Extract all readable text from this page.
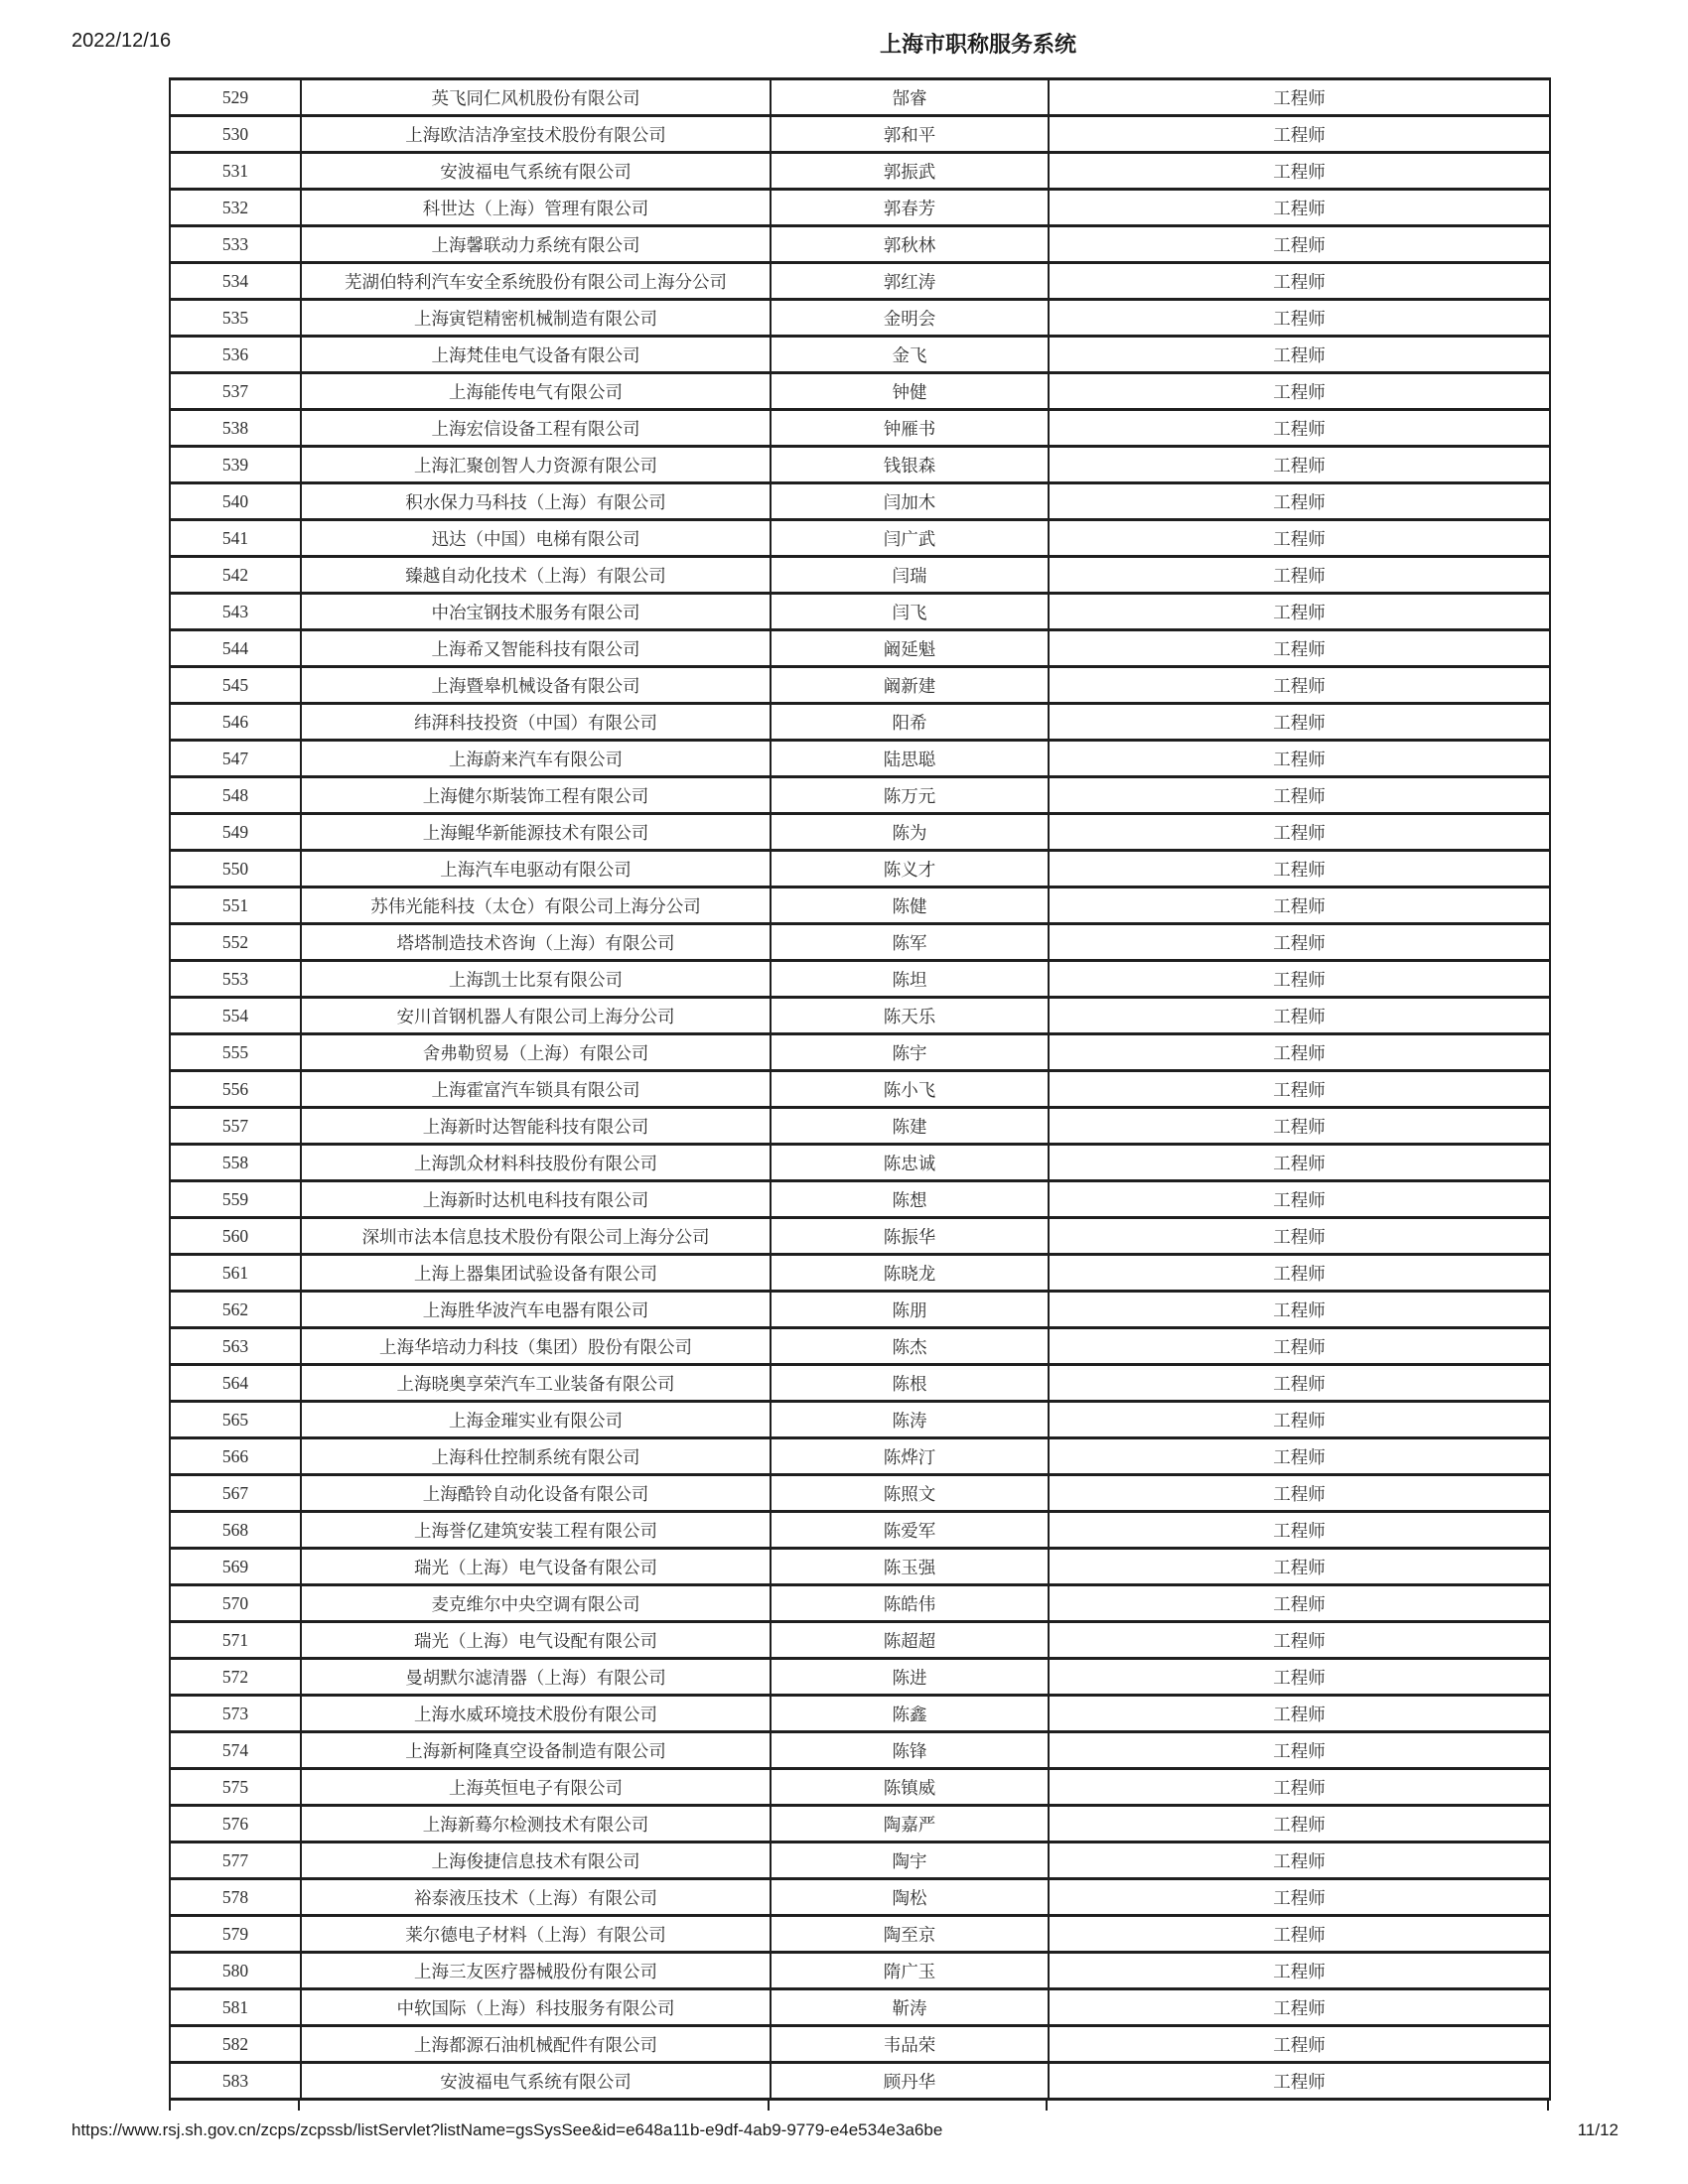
2022/12/16	上海市职称服务系统
529	英飞同仁风机股份有限公司	郜睿	工程师
530	上海欧洁洁净室技术股份有限公司	郭和平	工程师
531	安波福电气系统有限公司	郭振武	工程师
532	科世达（上海）管理有限公司	郭春芳	工程师
533	上海馨联动力系统有限公司	郭秋林	工程师
534	芜湖伯特利汽车安全系统股份有限公司上海分公司	郭红涛	工程师
535	上海寅铠精密机械制造有限公司	金明会	工程师
536	上海梵佳电气设备有限公司	金飞	工程师
537	上海能传电气有限公司	钟健	工程师
538	上海宏信设备工程有限公司	钟雁书	工程师
539	上海汇聚创智人力资源有限公司	钱银森	工程师
540	积水保力马科技（上海）有限公司	闫加木	工程师
541	迅达（中国）电梯有限公司	闫广武	工程师
542	臻越自动化技术（上海）有限公司	闫瑞	工程师
543	中冶宝钢技术服务有限公司	闫飞	工程师
544	上海希又智能科技有限公司	阚延魁	工程师
545	上海暨皋机械设备有限公司	阚新建	工程师
546	纬湃科技投资（中国）有限公司	阳希	工程师
547	上海蔚来汽车有限公司	陆思聪	工程师
548	上海健尔斯装饰工程有限公司	陈万元	工程师
549	上海鲲华新能源技术有限公司	陈为	工程师
550	上海汽车电驱动有限公司	陈义才	工程师
551	苏伟光能科技（太仓）有限公司上海分公司	陈健	工程师
552	塔塔制造技术咨询（上海）有限公司	陈军	工程师
553	上海凯士比泵有限公司	陈坦	工程师
554	安川首钢机器人有限公司上海分公司	陈天乐	工程师
555	舍弗勒贸易（上海）有限公司	陈宇	工程师
556	上海霍富汽车锁具有限公司	陈小飞	工程师
557	上海新时达智能科技有限公司	陈建	工程师
558	上海凯众材料科技股份有限公司	陈忠诚	工程师
559	上海新时达机电科技有限公司	陈想	工程师
560	深圳市法本信息技术股份有限公司上海分公司	陈振华	工程师
561	上海上器集团试验设备有限公司	陈晓龙	工程师
562	上海胜华波汽车电器有限公司	陈朋	工程师
563	上海华培动力科技（集团）股份有限公司	陈杰	工程师
564	上海晓奥享荣汽车工业装备有限公司	陈根	工程师
565	上海金璀实业有限公司	陈涛	工程师
566	上海科仕控制系统有限公司	陈烨汀	工程师
567	上海酷铃自动化设备有限公司	陈照文	工程师
568	上海誉亿建筑安装工程有限公司	陈爱军	工程师
569	瑞光（上海）电气设备有限公司	陈玉强	工程师
570	麦克维尔中央空调有限公司	陈皓伟	工程师
571	瑞光（上海）电气设配有限公司	陈超超	工程师
572	曼胡默尔滤清器（上海）有限公司	陈进	工程师
573	上海水威环境技术股份有限公司	陈鑫	工程师
574	上海新柯隆真空设备制造有限公司	陈锋	工程师
575	上海英恒电子有限公司	陈镇威	工程师
576	上海新蓦尔检测技术有限公司	陶嘉严	工程师
577	上海俊捷信息技术有限公司	陶宇	工程师
578	裕泰液压技术（上海）有限公司	陶松	工程师
579	莱尔德电子材料（上海）有限公司	陶至京	工程师
580	上海三友医疗器械股份有限公司	隋广玉	工程师
581	中软国际（上海）科技服务有限公司	靳涛	工程师
582	上海都源石油机械配件有限公司	韦品荣	工程师
583	安波福电气系统有限公司	顾丹华	工程师
https://www.rsj.sh.gov.cn/zcps/zcpssb/listServlet?listName=gsSysSee&id=e648a11b-e9df-4ab9-9779-e4e534e3a6be	11/12
